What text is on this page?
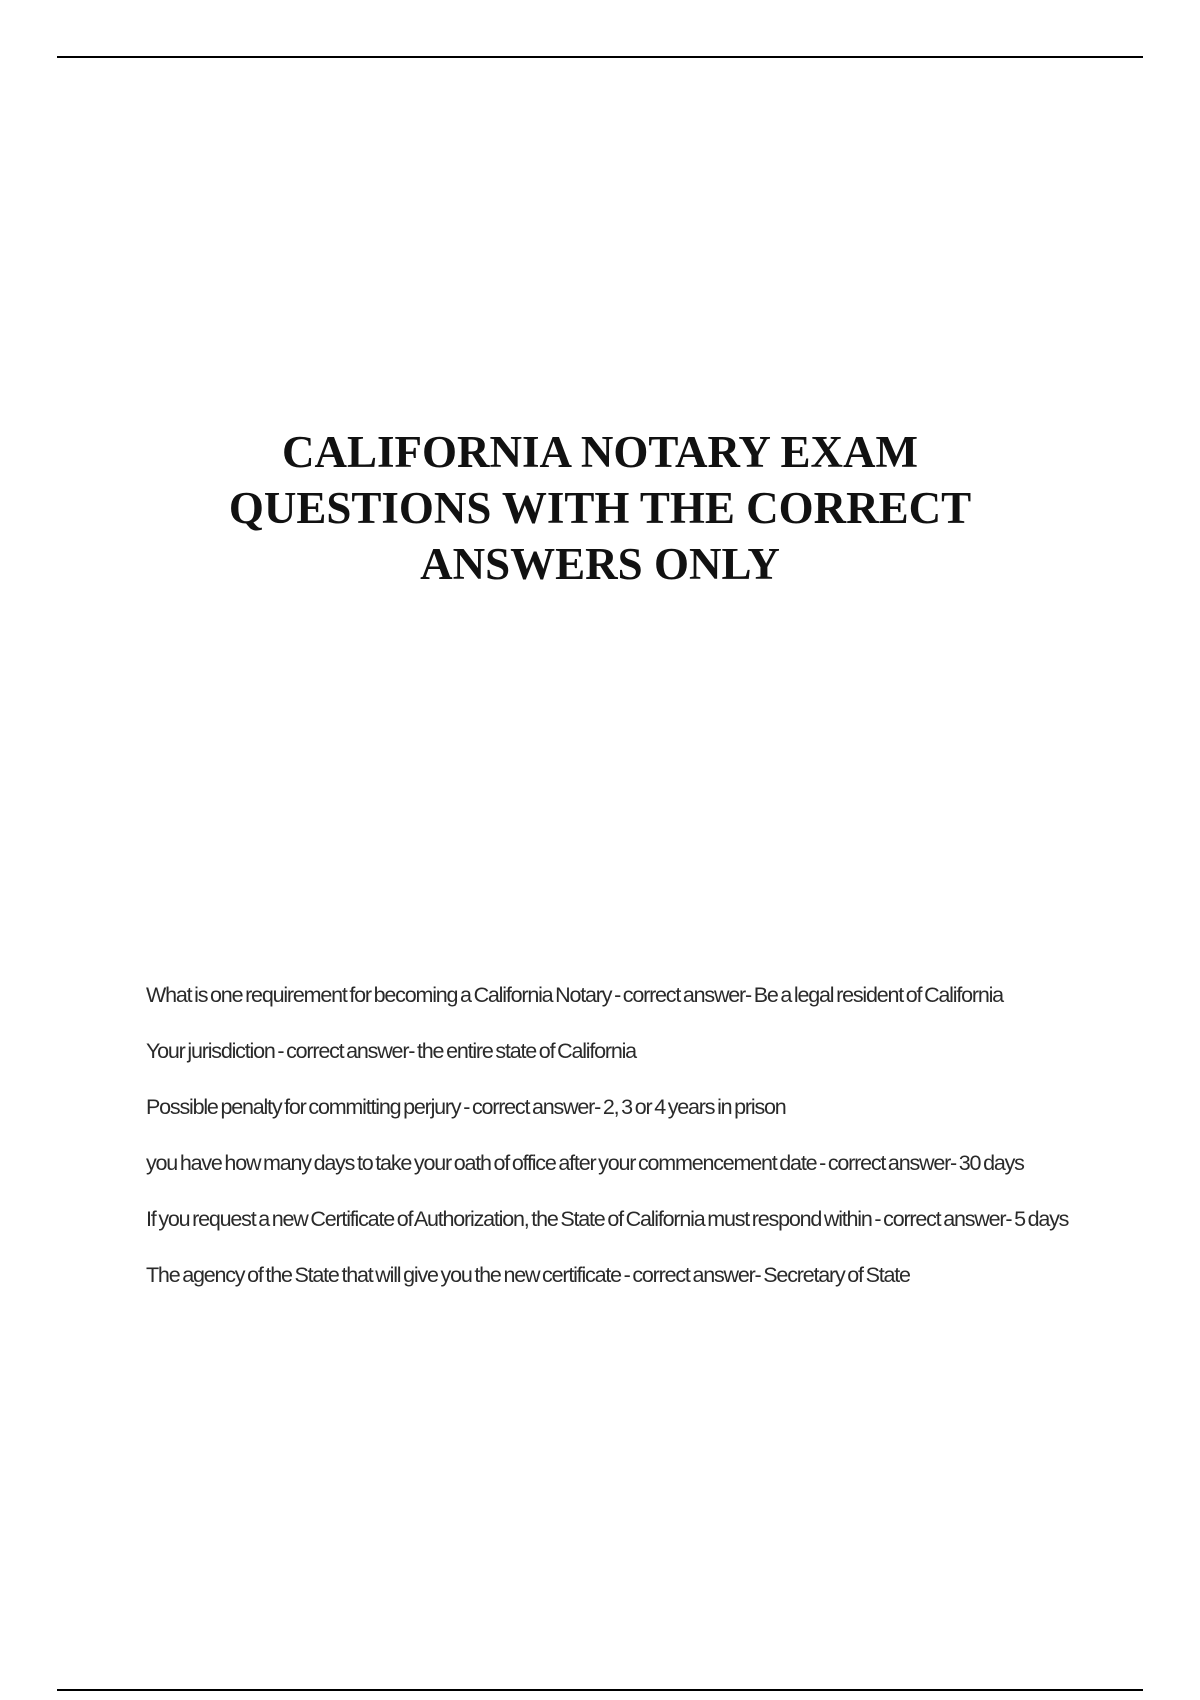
CALIFORNIA NOTARY EXAM
QUESTIONS WITH THE CORRECT
ANSWERS ONLY
What is one requirement for becoming a California Notary - correct answer- Be a legal resident of California
Your jurisdiction - correct answer- the entire state of California
Possible penalty for committing perjury - correct answer- 2, 3 or 4 years in prison
you have how many days to take your oath of office after your commencement date - correct answer- 30 days
If you request a new Certificate of Authorization, the State of California must respond within - correct answer- 5 days
The agency of the State that will give you the new certificate - correct answer- Secretary of State
